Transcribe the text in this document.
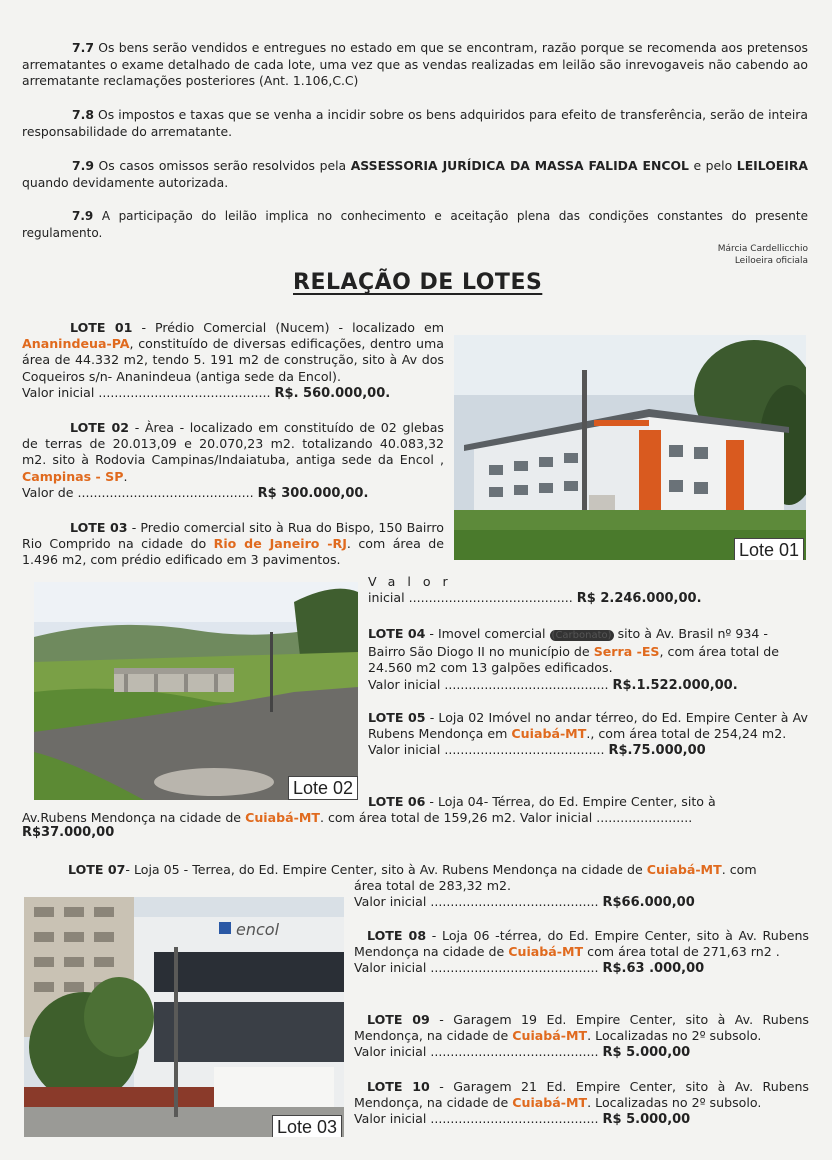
7.7 Os bens serão vendidos e entregues no estado em que se encontram, razão porque se recomenda aos pretensos arrematantes o exame detalhado de cada lote, uma vez que as vendas realizadas em leilão são inrevogaveis não cabendo ao arrematante reclamações posteriores (Ant. 1.106,C.C)
7.8 Os impostos e taxas que se venha a incidir sobre os bens adquiridos para efeito de transferência, serão de inteira responsabilidade do arrematante.
7.9 Os casos omissos serão resolvidos pela ASSESSORIA JURÍDICA DA MASSA FALIDA ENCOL e pelo LEILOEIRA quando devidamente autorizada.
7.9 A participação do leilão implica no conhecimento e aceitação plena das condições constantes do presente regulamento.
Márcia Cardellicchio
Leiloeira oficiala
RELAÇÃO DE LOTES

LOTE 01 - Prédio Comercial (Nucem) - localizado em Ananindeua-PA, constituído de diversas edificações, dentro uma área de 44.332 m2, tendo 5. 191 m2 de construção, sito à Av dos Coqueiros s/n- Ananindeua (antiga sede da Encol).

Valor inicial ........................................... R$. 560.000,00.

LOTE 02 - Àrea - localizado em constituído de 02 glebas de terras de 20.013,09 e 20.070,23 m2. totalizando 40.083,32 m2. sito à Rodovia Campinas/Indaiatuba, antiga sede da Encol , Campinas - SP.

Valor de ............................................ R$ 300.000,00.

LOTE 03 - Predio comercial sito à Rua do Bispo, 150 Bairro Rio Comprido na cidade do Rio de Janeiro -RJ. com área de 1.496 m2, com prédio edificado em 3 pavimentos.

Valor
inicial ......................................... R$ 2.246.000,00.

LOTE 04 - Imovel comercial (Carbonato) sito à Av. Brasil nº 934 - Bairro São Diogo II no município de Serra -ES, com área total de 24.560 m2 com 13 galpões edificados.

Valor inicial ......................................... R$.1.522.000,00.

LOTE 05 - Loja 02 Imóvel no andar térreo, do Ed. Empire Center à Av Rubens Mendonça em Cuiabá-MT., com área total de 254,24 m2.

Valor inicial ........................................ R$.75.000,00

LOTE 06 - Loja 04- Térrea, do Ed. Empire Center, sito à

Av.Rubens Mendonça na cidade de Cuiabá-MT. com área total de 159,26 m2. Valor inicial ........................
R$37.000,00
LOTE 07- Loja 05 - Terrea, do Ed. Empire Center, sito à Av. Rubens Mendonça na cidade de Cuiabá-MT. com
área total de 283,32 m2.
Valor inicial .......................................... R$66.000,00

LOTE 08 - Loja 06 -térrea, do Ed. Empire Center, sito à Av. Rubens Mendonça na cidade de Cuiabá-MT com área total de 271,63 rn2 .

Valor inicial .......................................... R$.63 .000,00

LOTE 09 - Garagem 19 Ed. Empire Center, sito à Av. Rubens Mendonça, na cidade de Cuiabá-MT. Localizadas no 2º subsolo.

Valor inicial .......................................... R$ 5.000,00

LOTE 10 - Garagem 21 Ed. Empire Center, sito à Av. Rubens Mendonça, na cidade de Cuiabá-MT. Localizadas no 2º subsolo.

Valor inicial .......................................... R$ 5.000,00

Lote 01
Lote 02
encol
Lote 03
